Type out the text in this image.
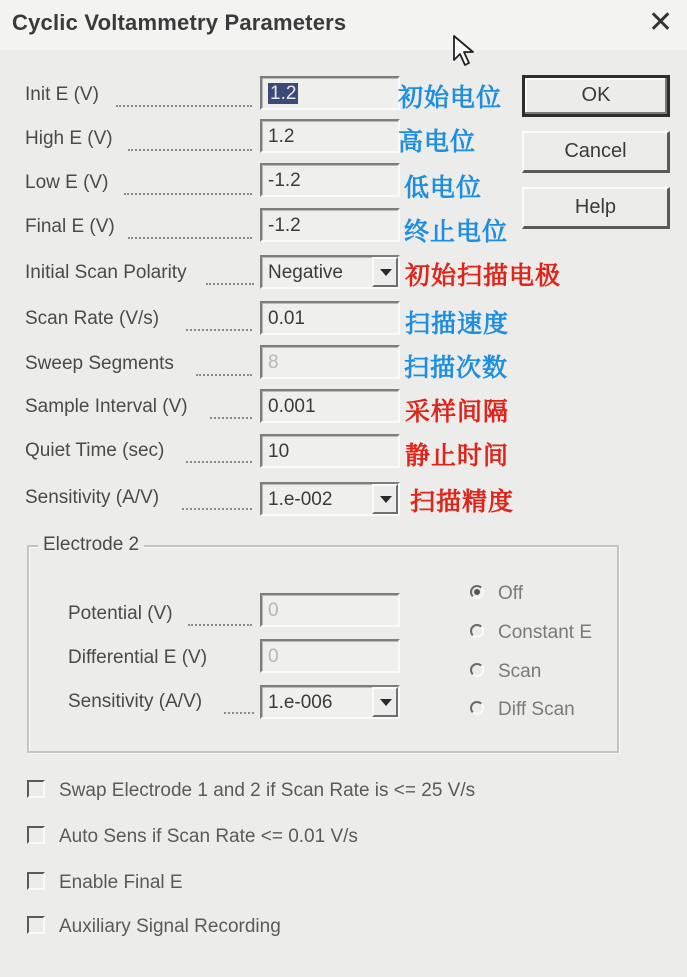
Cyclic Voltammetry Parameters	✕
Init E (V)	1.2	初始电位
High E (V)	1.2	高电位
Low E (V)	-1.2	低电位
Final E (V)	-1.2	终止电位
Initial Scan Polarity	Negative	初始扫描电极
Scan Rate (V/s)	0.01	扫描速度
Sweep Segments	8	扫描次数
Sample Interval (V)	0.001	采样间隔
Quiet Time (sec)	10	静止时间
Sensitivity (A/V)	1.e-002	扫描精度
OK
Cancel
Help
Electrode 2
Potential (V)	0
Differential E (V)	0
Sensitivity (A/V)	1.e-006
Off
Constant E
Scan
Diff Scan
Swap Electrode 1 and 2 if Scan Rate is <= 25 V/s
Auto Sens if Scan Rate <= 0.01 V/s
Enable Final E
Auxiliary Signal Recording
